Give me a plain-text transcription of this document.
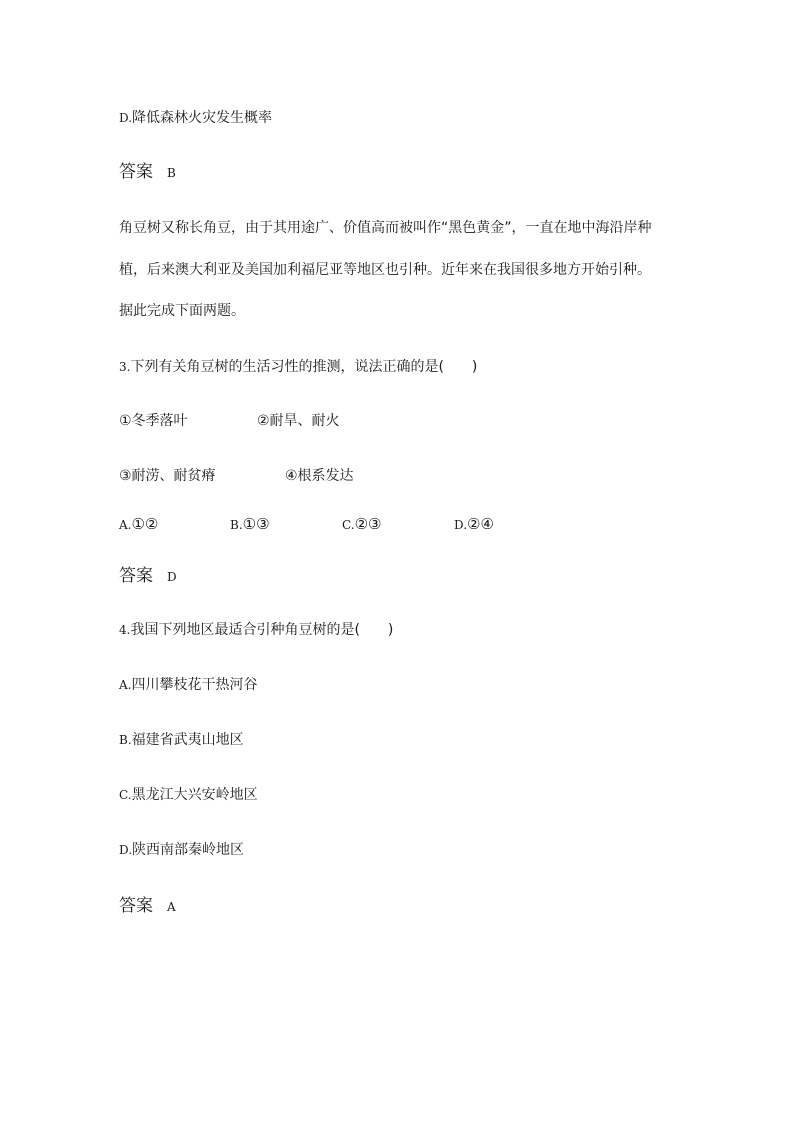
D.降低森林火灾发生概率
答案 B
角豆树又称长角豆，由于其用途广、价值高而被叫作“黑色黄金”，一直在地中海沿岸种
植，后来澳大利亚及美国加利福尼亚等地区也引种。近年来在我国很多地方开始引种。
据此完成下面两题。
3.下列有关角豆树的生活习性的推测，说法正确的是(　　)
①冬季落叶	②耐旱、耐火
③耐涝、耐贫瘠	④根系发达
A.①②	B.①③	C.②③	D.②④
答案 D
4.我国下列地区最适合引种角豆树的是(　　)
A.四川攀枝花干热河谷
B.福建省武夷山地区
C.黑龙江大兴安岭地区
D.陕西南部秦岭地区
答案 A
